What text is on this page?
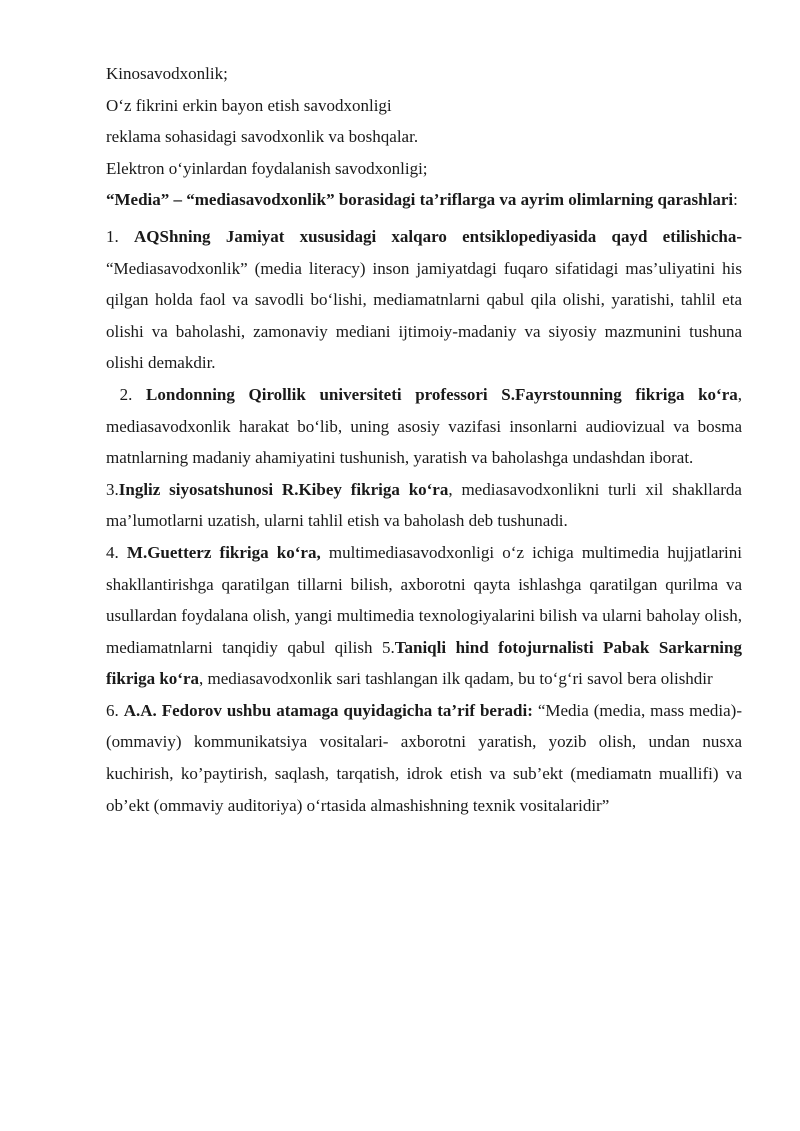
Kinosavodxonlik;

O‘z fikrini erkin bayon etish savodxonligi

reklama sohasidagi savodxonlik va boshqalar.

Elektron o‘yinlardan foydalanish savodxonligi;

“Media” – “mediasavodxonlik” borasidagi ta’riflarga va ayrim olimlarning qarashlari:

1. AQShning Jamiyat xususidagi xalqaro entsiklopediyasida qayd etilishicha- “Mediasavodxonlik” (media literacy) inson jamiyatdagi fuqaro sifatidagi mas’uliyatini his qilgan holda faol va savodli bo‘lishi, mediamatnlarni qabul qila olishi, yaratishi, tahlil eta olishi va baholashi, zamonaviy mediani ijtimoiy-madaniy va siyosiy mazmunini tushuna olishi demakdir.

2. Londonning Qirollik universiteti professori S.Fayrstounning fikriga ko‘ra, mediasavodxonlik harakat bo‘lib, uning asosiy vazifasi insonlarni audiovizual va bosma matnlarning madaniy ahamiyatini tushunish, yaratish va baholashga undashdan iborat.

3.Ingliz siyosatshunosi R.Kibey fikriga ko‘ra, mediasavodxonlikni turli xil shakllarda ma’lumotlarni uzatish, ularni tahlil etish va baholash deb tushunadi.

4. M.Guetterz fikriga ko‘ra, multimediasavodxonligi o‘z ichiga multimedia hujjatlarini shakllantirishga qaratilgan tillarni bilish, axborotni qayta ishlashga qaratilgan qurilma va usullardan foydalana olish, yangi multimedia texnologiyalarini bilish va ularni baholay olish, mediamatnlarni tanqidiy qabul qilish 5.Taniqli hind fotojurnalisti Pabak Sarkarning fikriga ko‘ra, mediasavodxonlik sari tashlangan ilk qadam, bu to‘g‘ri savol bera olishdir

6. A.A. Fedorov ushbu atamaga quyidagicha ta’rif beradi: “Media (media, mass media)- (ommaviy) kommunikatsiya vositalari- axborotni yaratish, yozib olish, undan nusxa kuchirish, ko’paytirish, saqlash, tarqatish, idrok etish va sub’ekt (mediamatn muallifi) va ob’ekt (ommaviy auditoriya) o‘rtasida almashishning texnik vositalaridir”
